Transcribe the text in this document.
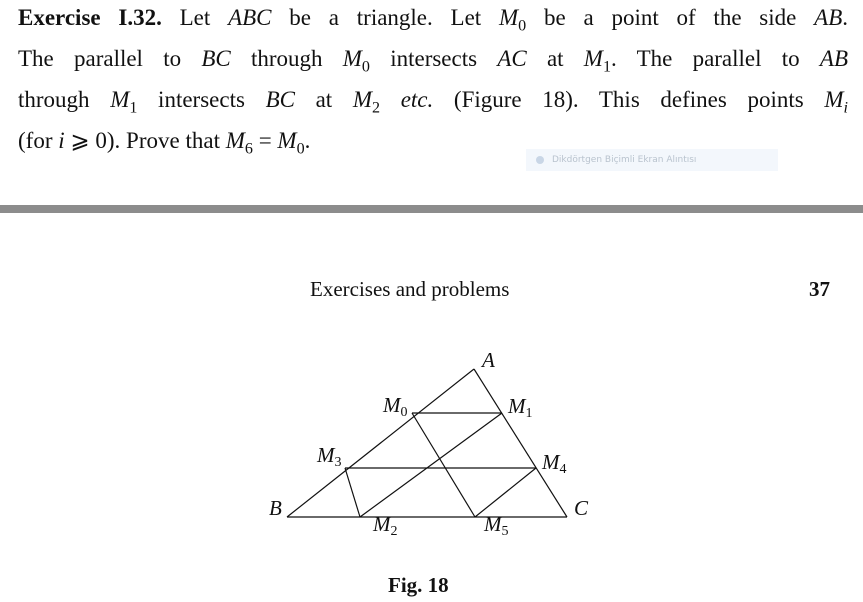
Exercise I.32. Let ABC be a triangle. Let $M_0$ be a point of the side AB.
The parallel to BC through $M_0$ intersects AC at $M_1$. The parallel to AB
through $M_1$ intersects BC at $M_2$ etc. (Figure 18). This defines points $M_i$
(for i ⩾ 0). Prove that $M_6 = M_0$.
Dikdörtgen Biçimli Ekran Alıntısı
Exercises and problems	37
A
B	C
M0	M1
M2
M3	M4
M5
Fig. 18
